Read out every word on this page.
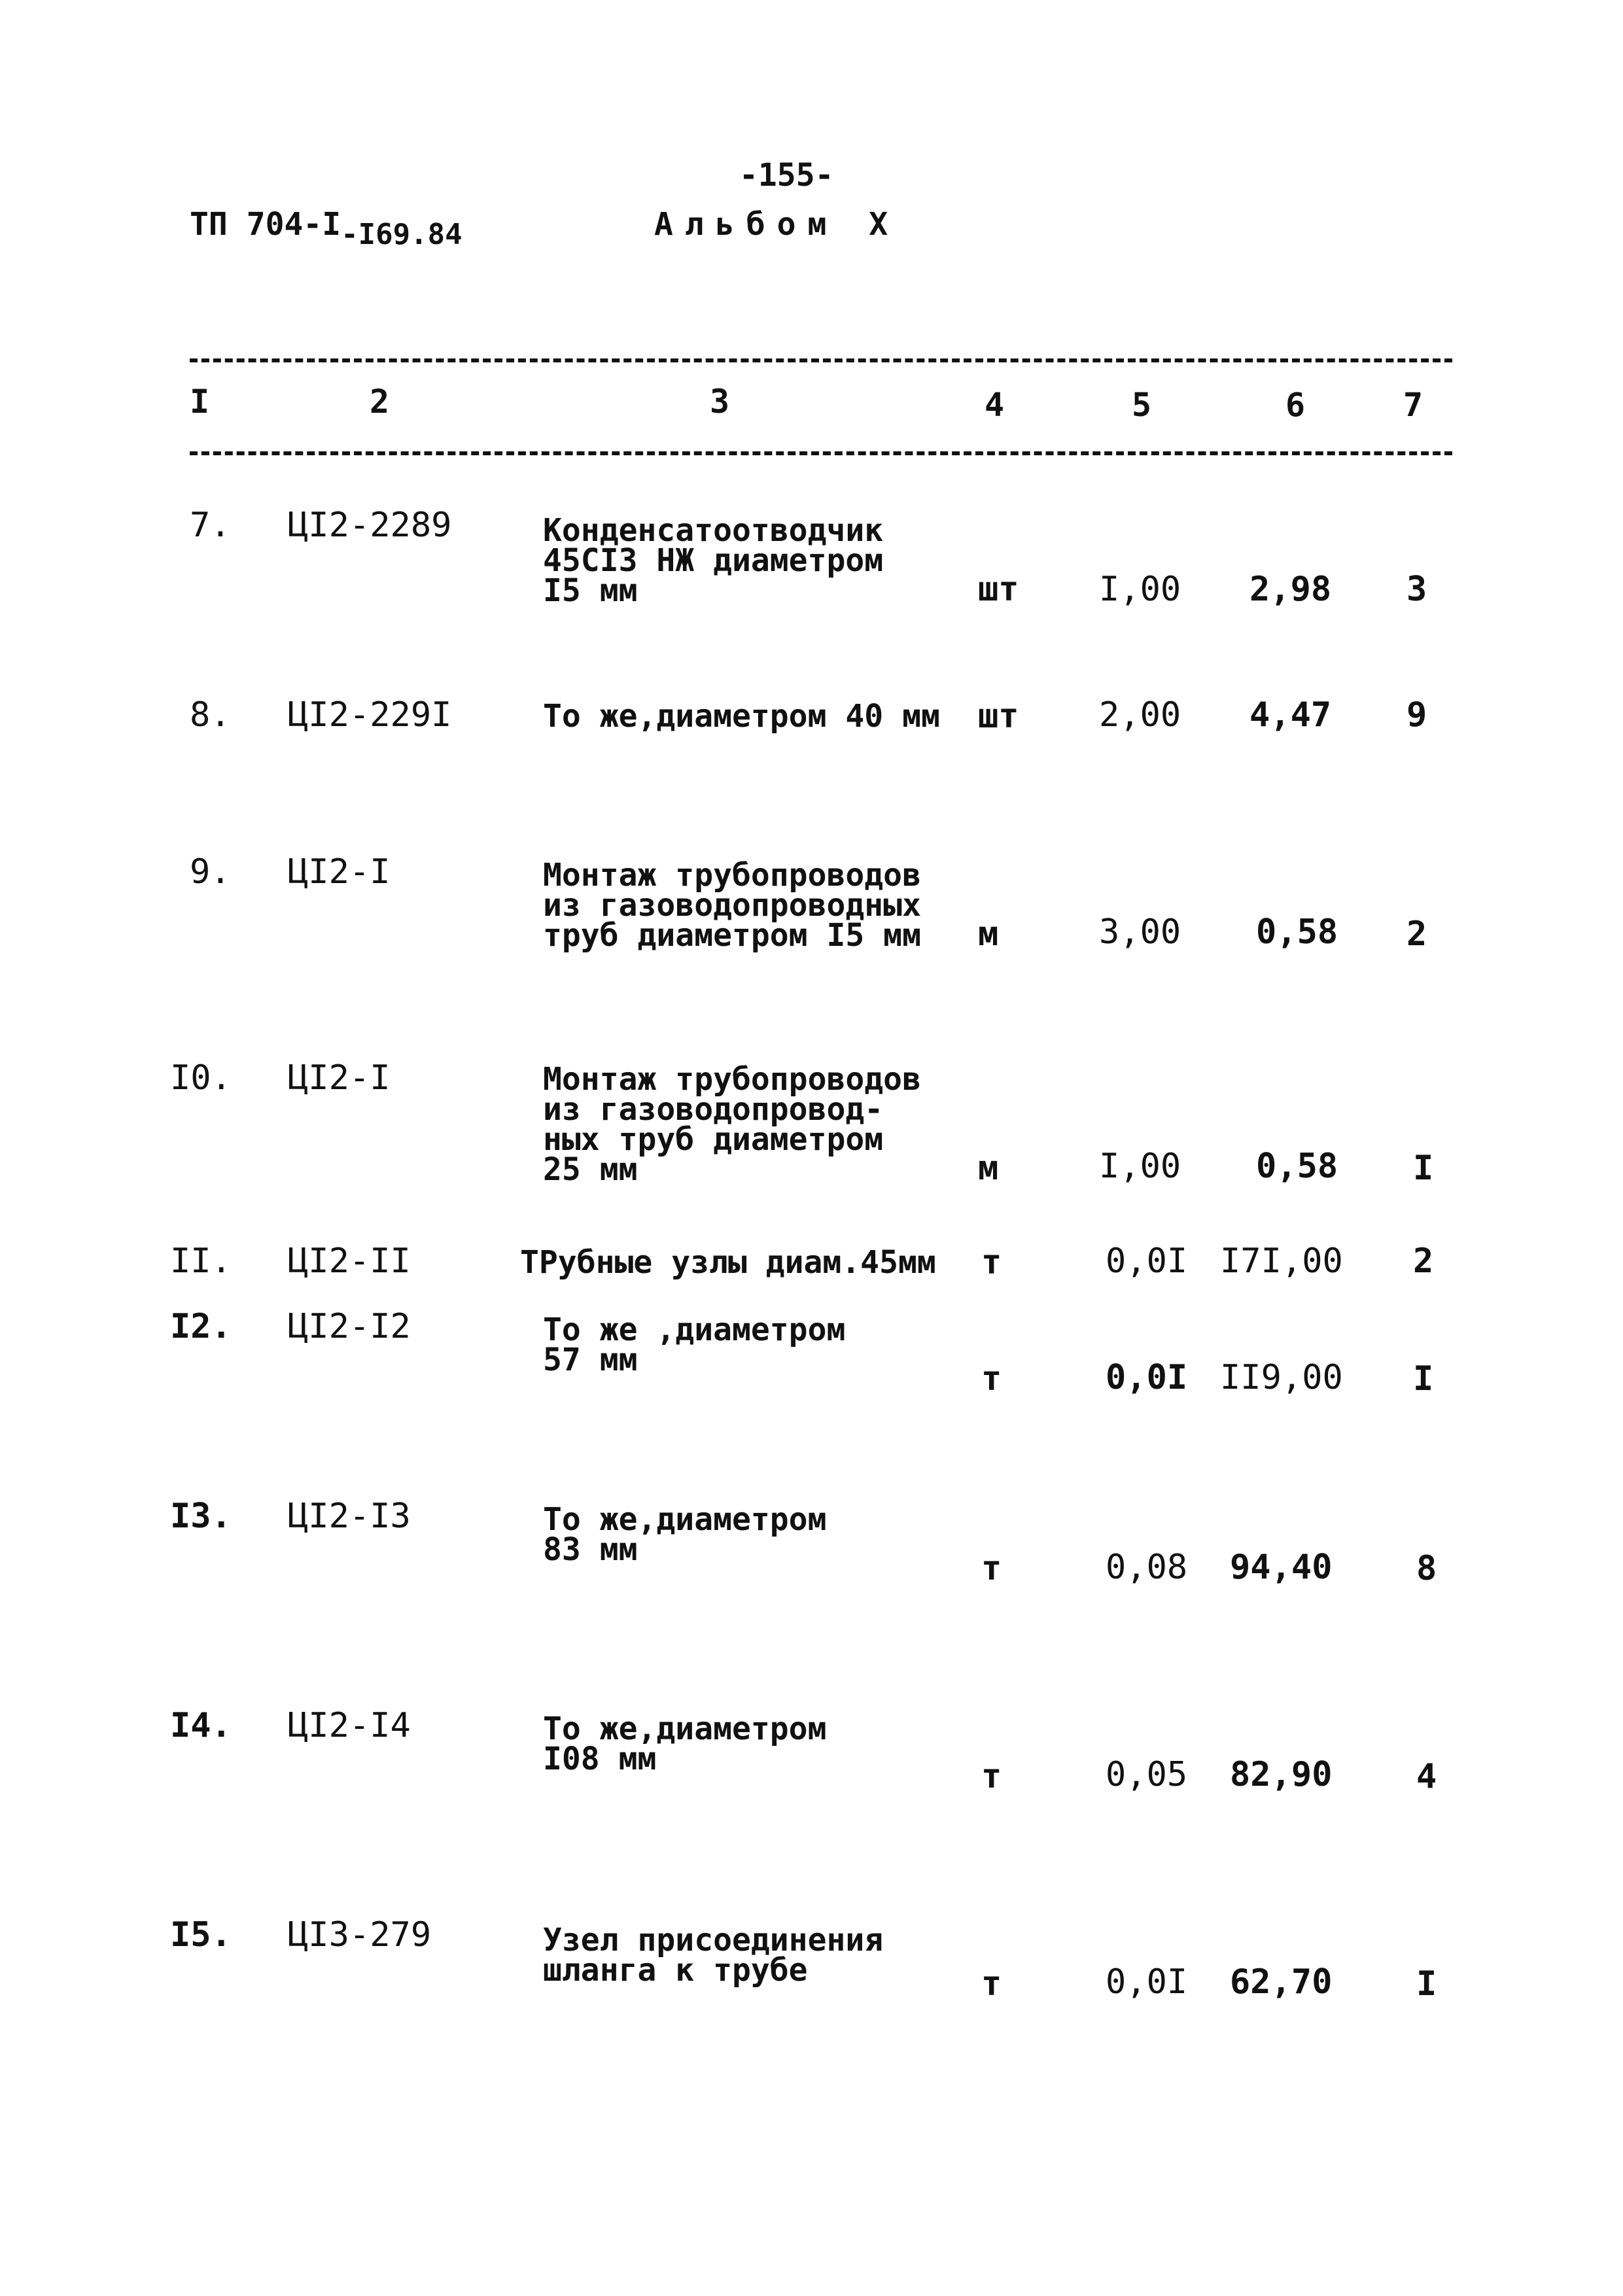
-155-
ТП 704-I-I69.84	Альбом X
I	2	3	4	5	6	7
7. ЦI2-2289	Конденсатоотводчик
45СI3 НЖ диаметром
I5 мм	шт I,00 2,98 3
8. ЦI2-229I	То же,диаметром 40 мм шт 2,00 4,47 9
9. ЦI2-I	Монтаж трубопроводов
из газоводопроводных
труб диаметром I5 мм м	3,00 0,58 2
I0. ЦI2-I	Монтаж трубопроводов
из газоводопровод-
ных труб диаметром
25 мм	м	I,00 0,58 I
II. ЦI2-II	ТРубные узлы диам.45мм т	0,0I I7I,00 2
I2. ЦI2-I2	То же ,диаметром
57 мм	т	0,0I II9,00 I
I3. ЦI2-I3	То же,диаметром
83 мм	т	0,08 94,40 8
I4. ЦI2-I4	То же,диаметром
I08 мм	т	0,05 82,90 4
I5. ЦI3-279	Узел присоединения
шланга к трубе	т	0,0I 62,70 I
